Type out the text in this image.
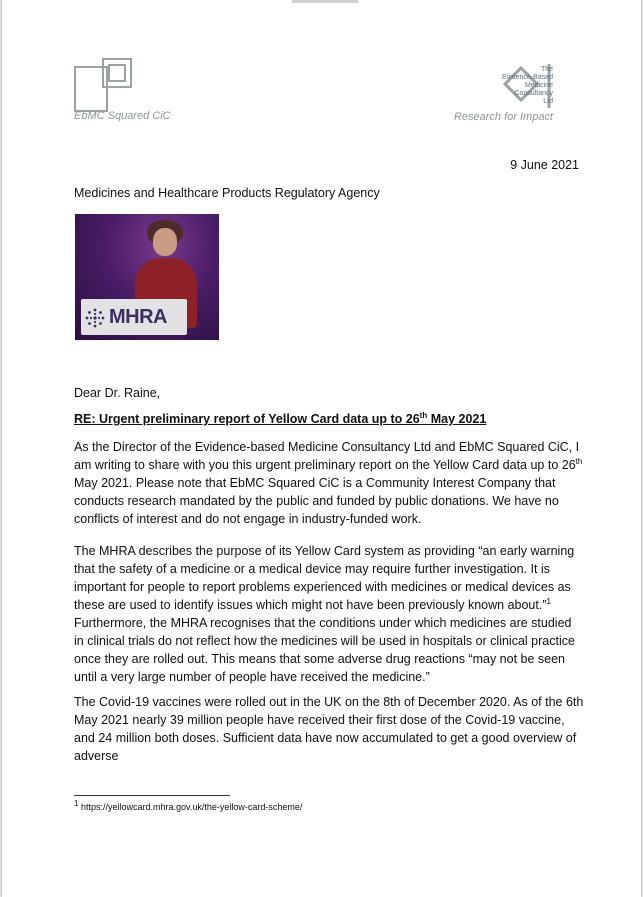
EbMC Squared CiC
The
Evidence-Based
Medicine
Consultancy
Ltd
Research for Impact
9 June 2021
Medicines and Healthcare Products Regulatory Agency
MHRA
Dear Dr. Raine,
RE: Urgent preliminary report of Yellow Card data up to 26th May 2021

As the Director of the Evidence-based Medicine Consultancy Ltd and EbMC Squared CiC, I am writing to share with you this urgent preliminary report on the Yellow Card data up to 26th May 2021. Please note that EbMC Squared CiC is a Community Interest Company that conducts research mandated by the public and funded by public donations. We have no conflicts of interest and do not engage in industry-funded work.

The MHRA describes the purpose of its Yellow Card system as providing “an early warning that the safety of a medicine or a medical device may require further investigation. It is important for people to report problems experienced with medicines or medical devices as these are used to identify issues which might not have been previously known about.”$^1$ Furthermore, the MHRA recognises that the conditions under which medicines are studied in clinical trials do not reflect how the medicines will be used in hospitals or clinical practice once they are rolled out. This means that some adverse drug reactions “may not be seen until a very large number of people have received the medicine.”

The Covid-19 vaccines were rolled out in the UK on the 8th of December 2020. As of the 6th May 2021 nearly 39 million people have received their first dose of the Covid-19 vaccine, and 24 million both doses. Sufficient data have now accumulated to get a good overview of adverse

$^1$ https://yellowcard.mhra.gov.uk/the-yellow-card-scheme/
